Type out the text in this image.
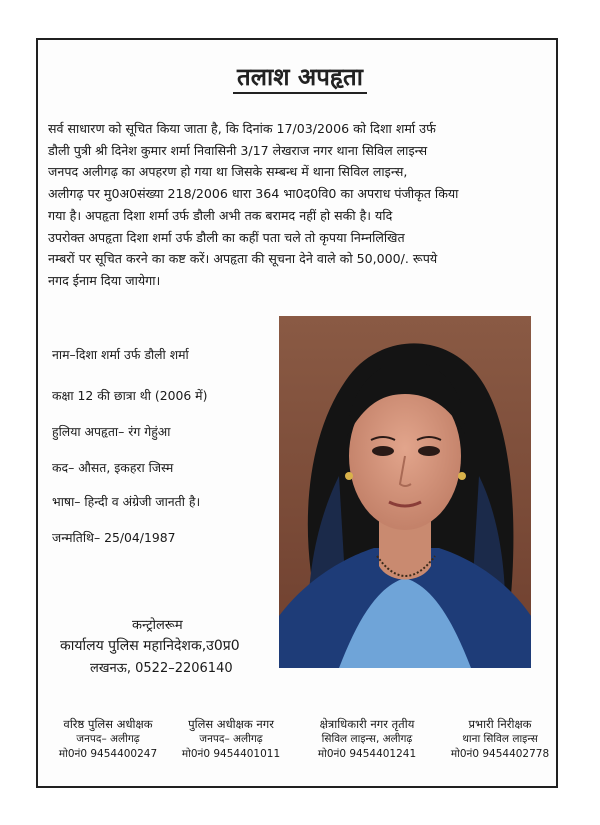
तलाश अपहृता
सर्व साधारण को सूचित किया जाता है, कि दिनांक 17/03/2006 को दिशा शर्मा उर्फ
डौली पुत्री श्री दिनेश कुमार शर्मा निवासिनी 3/17 लेखराज नगर थाना सिविल लाइन्स
जनपद अलीगढ़ का अपहरण हो गया था जिसके सम्बन्ध में थाना सिविल लाइन्स,
अलीगढ़ पर मु0अ0संख्या 218/2006 धारा 364 भा0द0वि0 का अपराध पंजीकृत किया
गया है। अपहृता दिशा शर्मा उर्फ डौली अभी तक बरामद नहीं हो सकी है। यदि
उपरोक्त अपहृता दिशा शर्मा उर्फ डौली का कहीं पता चले तो कृपया निम्नलिखित
नम्बरों पर सूचित करने का कष्ट करें। अपहृता की सूचना देने वाले को 50,000/. रूपये
नगद ईनाम दिया जायेगा।
नाम–दिशा शर्मा उर्फ डौली शर्मा
कक्षा 12 की छात्रा थी (2006 में)
हुलिया अपहृता– रंग गेहुंआ
कद– औसत, इकहरा जिस्म
भाषा– हिन्दी व अंग्रेजी जानती है।
जन्मतिथि– 25/04/1987
कन्ट्रोलरूम
कार्यालय पुलिस महानिदेशक,उ0प्र0
लखनऊ, 0522–2206140
वरिष्ठ पुलिस अधीक्षक
जनपद– अलीगढ़
मो0नं0 9454400247
पुलिस अधीक्षक नगर
जनपद– अलीगढ़
मो0नं0 9454401011
क्षेत्राधिकारी नगर तृतीय
सिविल लाइन्स, अलीगढ़
मो0नं0 9454401241
प्रभारी निरीक्षक
थाना सिविल लाइन्स
मो0नं0 9454402778
